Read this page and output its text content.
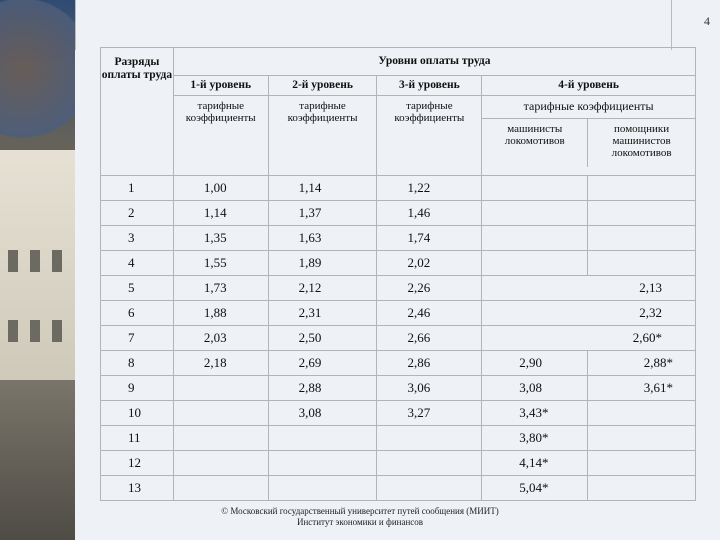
4
Разряды оплаты труда	Уровни оплаты труда				
	1-й уровень	2-й уровень	3-й уровень	4-й уровень	
	тарифные коэффициенты	тарифные коэффициенты	тарифные коэффициенты	тарифные коэффициенты
машинисты локомотивов
помощники машинистов локомотивов	

1	1,00	1,14	1,22		
2	1,14	1,37	1,46		
3	1,35	1,63	1,74		
4	1,55	1,89	2,02		
5	1,73	2,12	2,26	2,13	
6	1,88	2,31	2,46	2,32	
7	2,03	2,50	2,66	2,60*	
8	2,18	2,69	2,86	2,90	2,88*
9		2,88	3,06	3,08	3,61*
10		3,08	3,27	3,43*	
11				3,80*	
12				4,14*	
13				5,04*	
© Московский государственный университет путей сообщения (МИИТ)
Институт экономики и финансов
